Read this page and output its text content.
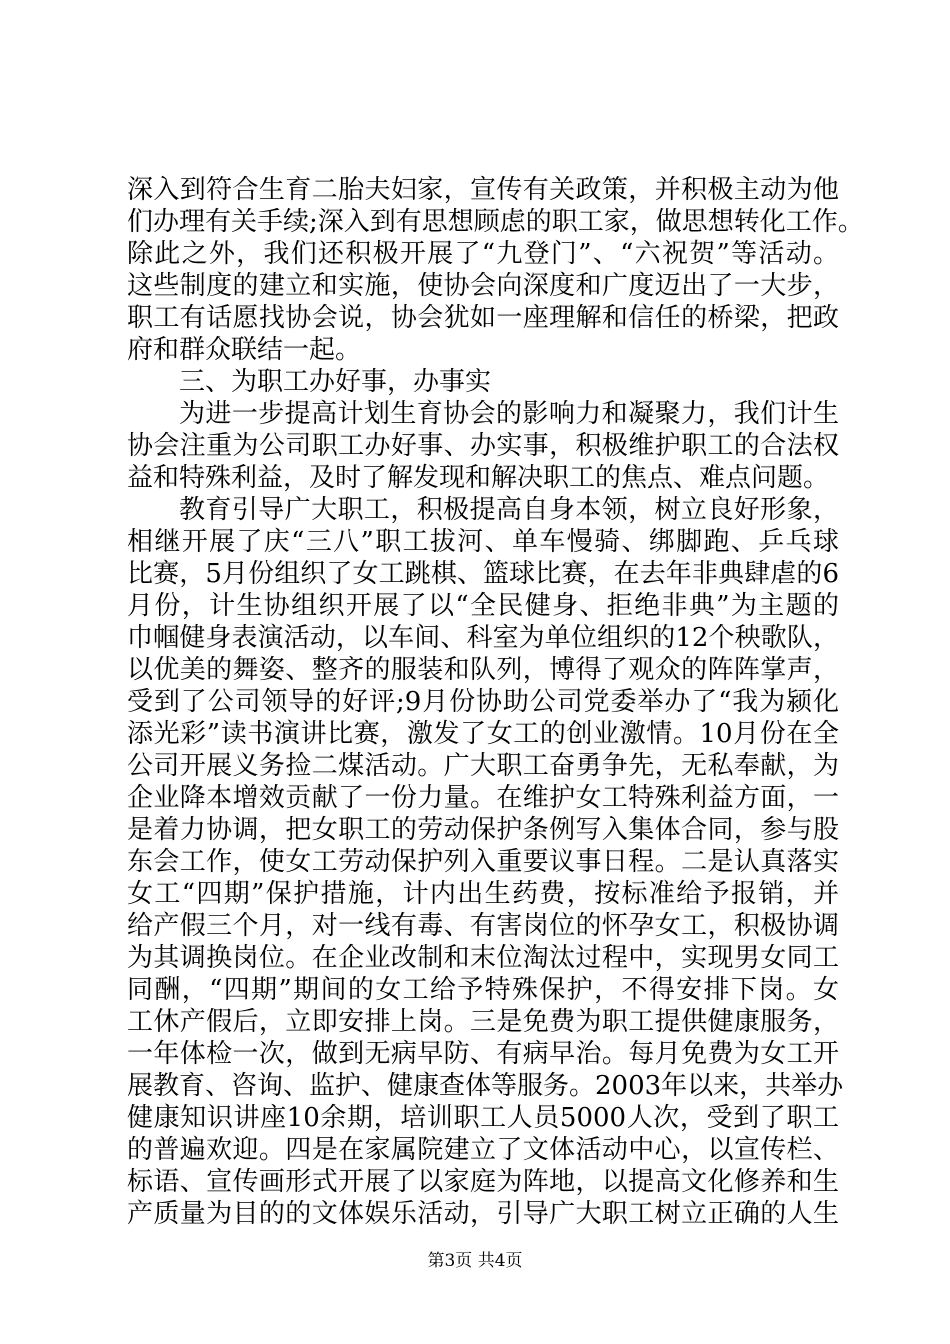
深入到符合生育二胎夫妇家，宣传有关政策，并积极主动为他
们办理有关手续;深入到有思想顾虑的职工家，做思想转化工作。
除此之外，我们还积极开展了“九登门”、“六祝贺”等活动。
这些制度的建立和实施，使协会向深度和广度迈出了一大步，
职工有话愿找协会说，协会犹如一座理解和信任的桥梁，把政
府和群众联结一起。
三、为职工办好事，办事实
为进一步提高计划生育协会的影响力和凝聚力，我们计生
协会注重为公司职工办好事、办实事，积极维护职工的合法权
益和特殊利益，及时了解发现和解决职工的焦点、难点问题。
教育引导广大职工，积极提高自身本领，树立良好形象，
相继开展了庆“三八”职工拔河、单车慢骑、绑脚跑、乒乓球
比赛，5月份组织了女工跳棋、篮球比赛，在去年非典肆虐的6
月份，计生协组织开展了以“全民健身、拒绝非典”为主题的
巾帼健身表演活动，以车间、科室为单位组织的12个秧歌队，
以优美的舞姿、整齐的服装和队列，博得了观众的阵阵掌声，
受到了公司领导的好评;9月份协助公司党委举办了“我为颍化
添光彩”读书演讲比赛，激发了女工的创业激情。10月份在全
公司开展义务捡二煤活动。广大职工奋勇争先，无私奉献，为
企业降本增效贡献了一份力量。在维护女工特殊利益方面，一
是着力协调，把女职工的劳动保护条例写入集体合同，参与股
东会工作，使女工劳动保护列入重要议事日程。二是认真落实
女工“四期”保护措施，计内出生药费，按标准给予报销，并
给产假三个月，对一线有毒、有害岗位的怀孕女工，积极协调
为其调换岗位。在企业改制和末位淘汰过程中，实现男女同工
同酬，“四期”期间的女工给予特殊保护，不得安排下岗。女
工休产假后，立即安排上岗。三是免费为职工提供健康服务，
一年体检一次，做到无病早防、有病早治。每月免费为女工开
展教育、咨询、监护、健康查体等服务。2003年以来，共举办
健康知识讲座10余期，培训职工人员5000人次，受到了职工
的普遍欢迎。四是在家属院建立了文体活动中心，以宣传栏、
标语、宣传画形式开展了以家庭为阵地，以提高文化修养和生
产质量为目的的文体娱乐活动，引导广大职工树立正确的人生
第3页 共4页
